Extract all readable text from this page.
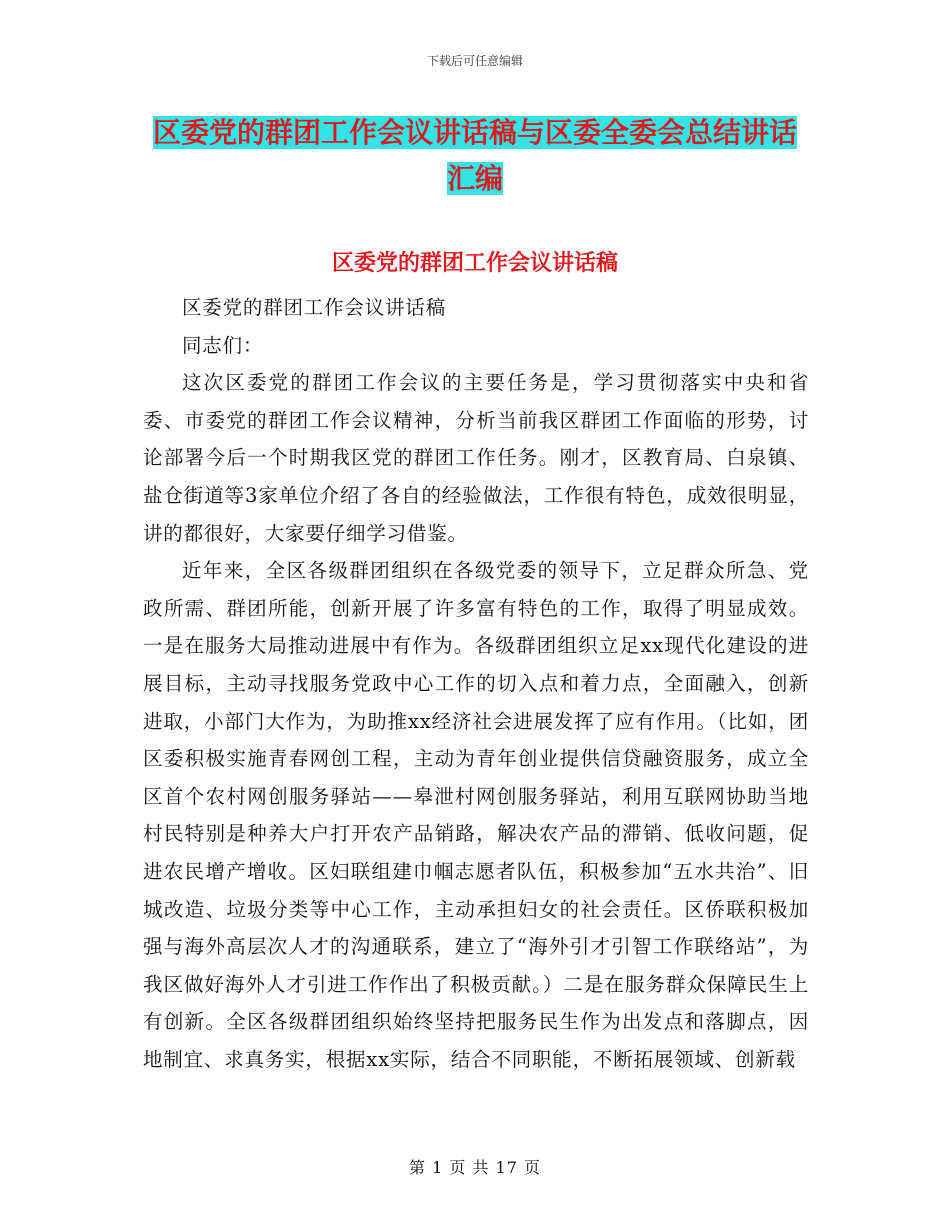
下载后可任意编辑
区委党的群团工作会议讲话稿与区委全委会总结讲话
汇编
区委党的群团工作会议讲话稿

区委党的群团工作会议讲话稿

同志们：

这次区委党的群团工作会议的主要任务是，学习贯彻落实中央和省委、市委党的群团工作会议精神，分析当前我区群团工作面临的形势，讨论部署今后一个时期我区党的群团工作任务。刚才，区教育局、白泉镇、盐仓街道等3家单位介绍了各自的经验做法，工作很有特色，成效很明显，讲的都很好，大家要仔细学习借鉴。

近年来，全区各级群团组织在各级党委的领导下，立足群众所急、党政所需、群团所能，创新开展了许多富有特色的工作，取得了明显成效。一是在服务大局推动进展中有作为。各级群团组织立足xx现代化建设的进展目标，主动寻找服务党政中心工作的切入点和着力点，全面融入，创新进取，小部门大作为，为助推xx经济社会进展发挥了应有作用。（比如，团区委积极实施青春网创工程，主动为青年创业提供信贷融资服务，成立全区首个农村网创服务驿站——皋泄村网创服务驿站，利用互联网协助当地村民特别是种养大户打开农产品销路，解决农产品的滞销、低收问题，促进农民增产增收。区妇联组建巾帼志愿者队伍，积极参加“五水共治”、旧城改造、垃圾分类等中心工作，主动承担妇女的社会责任。区侨联积极加强与海外高层次人才的沟通联系，建立了“海外引才引智工作联络站”，为我区做好海外人才引进工作作出了积极贡献。）二是在服务群众保障民生上有创新。全区各级群团组织始终坚持把服务民生作为出发点和落脚点，因地制宜、求真务实，根据xx实际，结合不同职能，不断拓展领域、创新载

第 1 页 共 17 页
